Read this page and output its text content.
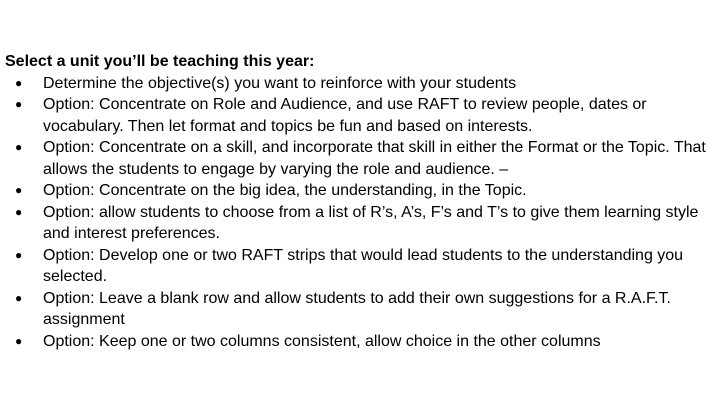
Select a unit you’ll be teaching this year:

● Determine the objective(s) you want to reinforce with your students
● Option: Concentrate on Role and Audience, and use RAFT to review people, dates or vocabulary. Then let format and topics be fun and based on interests.
● Option: Concentrate on a skill, and incorporate that skill in either the Format or the Topic. That allows the students to engage by varying the role and audience. –
● Option: Concentrate on the big idea, the understanding, in the Topic.
● Option: allow students to choose from a list of R’s, A’s, F’s and T’s to give them learning style and interest preferences.
● Option: Develop one or two RAFT strips that would lead students to the understanding you selected.
● Option: Leave a blank row and allow students to add their own suggestions for a R.A.F.T. assignment
● Option: Keep one or two columns consistent, allow choice in the other columns
